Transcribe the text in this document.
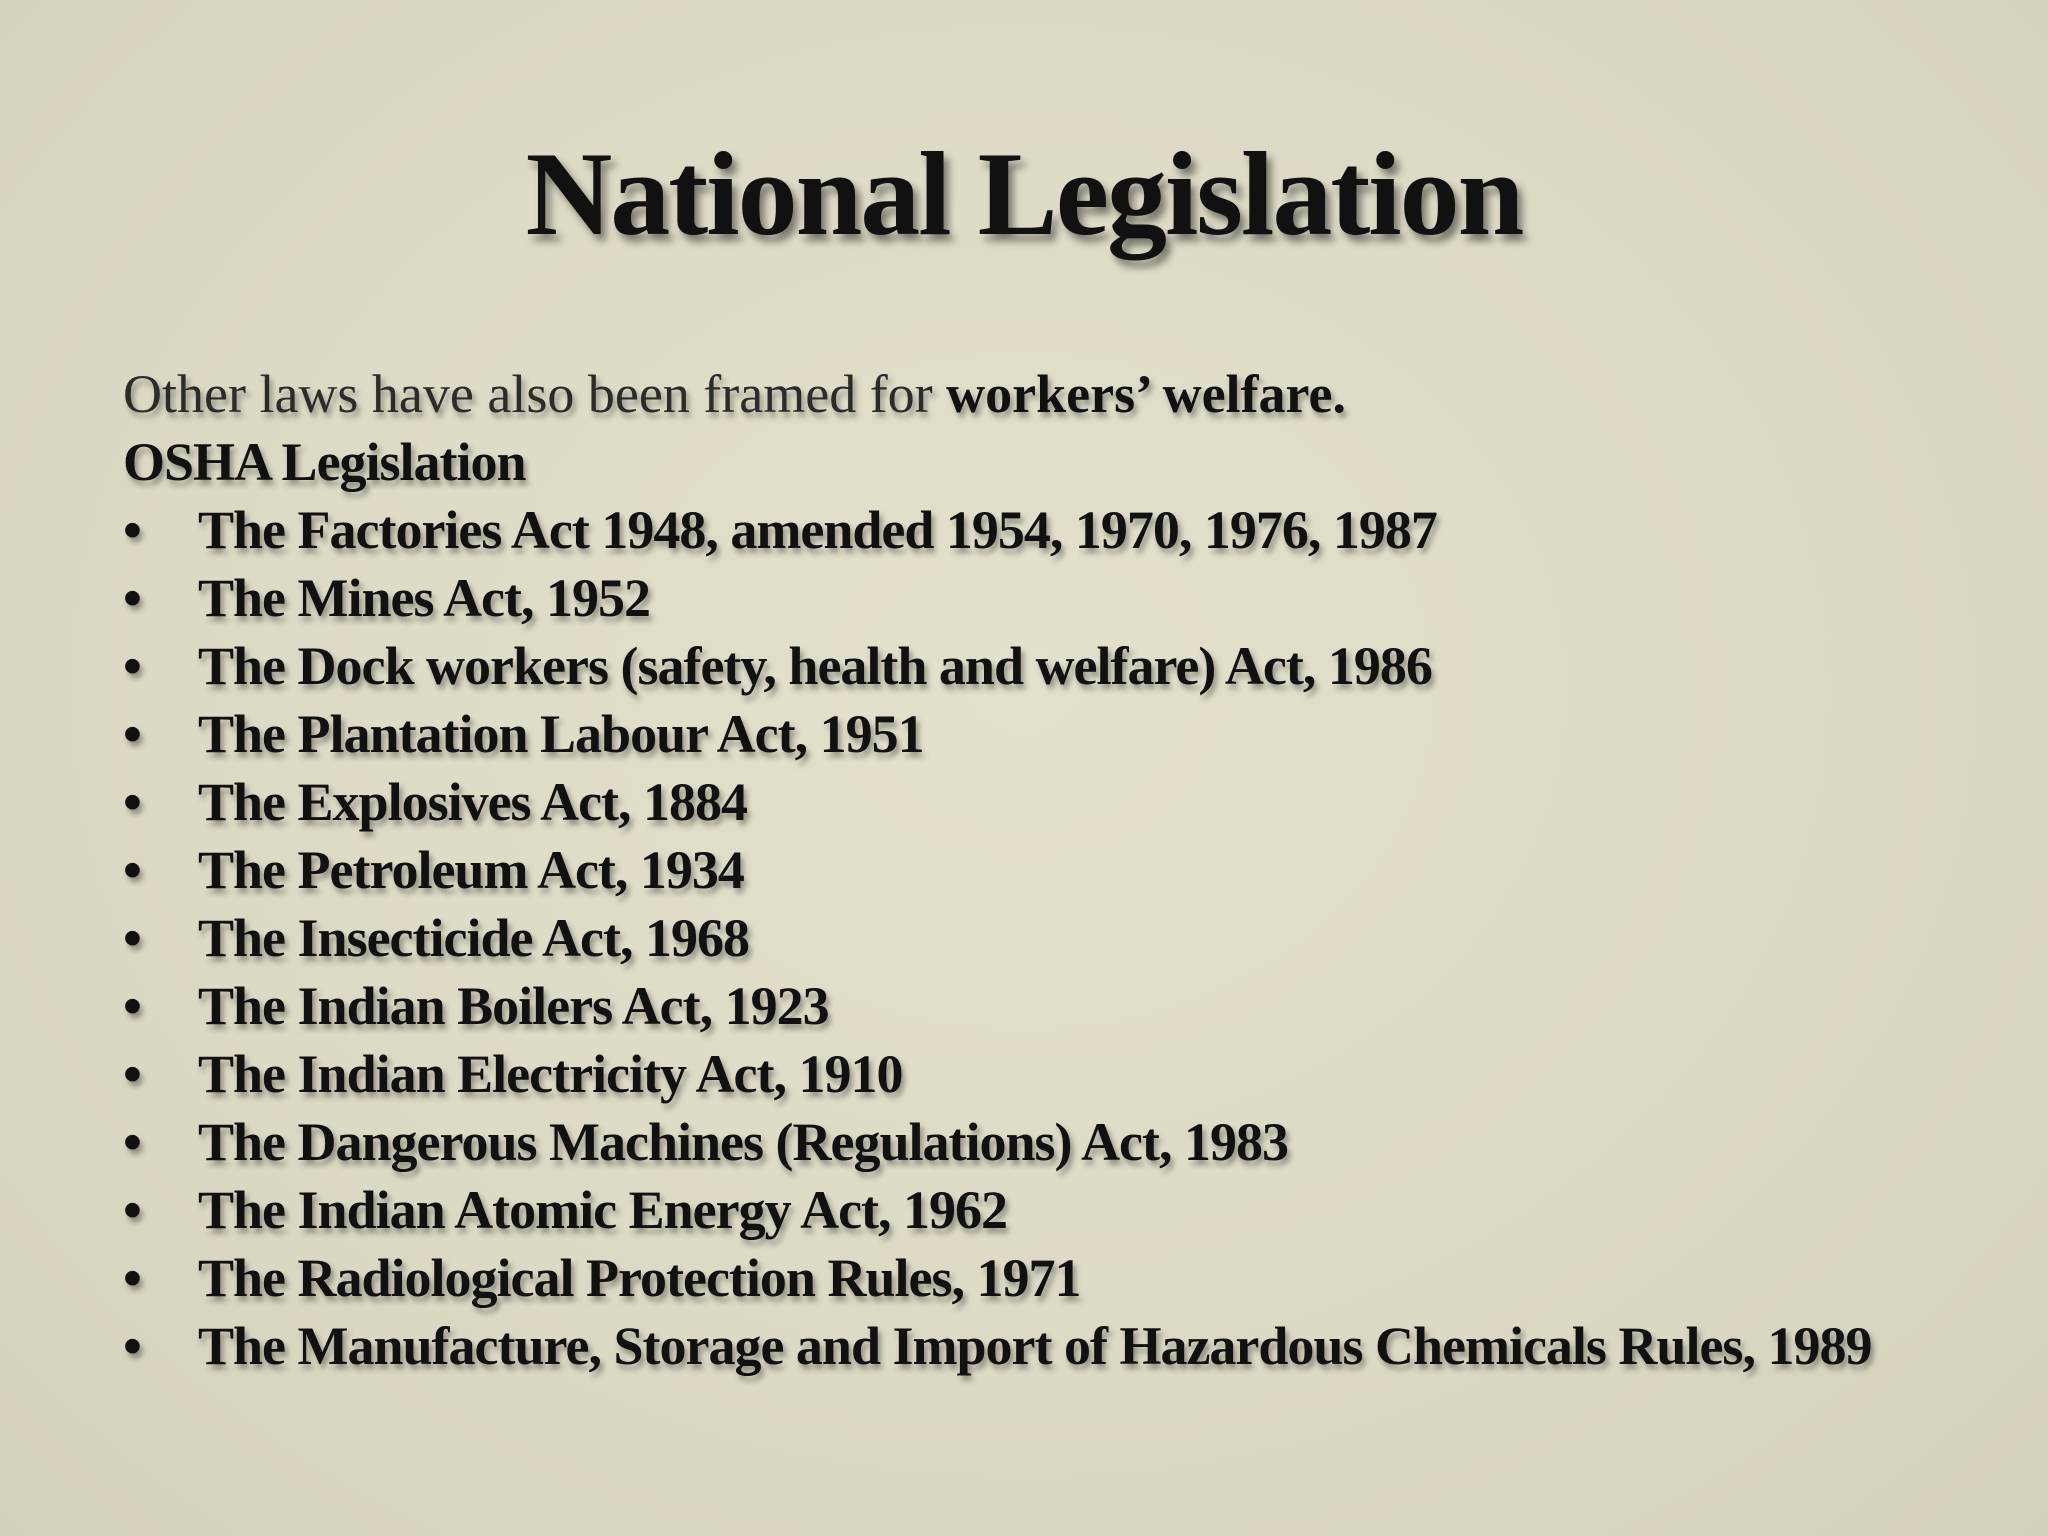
National Legislation

Other laws have also been framed for workers’ welfare.

OSHA Legislation

• The Factories Act 1948, amended 1954, 1970, 1976, 1987
• The Mines Act, 1952
• The Dock workers (safety, health and welfare) Act, 1986
• The Plantation Labour Act, 1951
• The Explosives Act, 1884
• The Petroleum Act, 1934
• The Insecticide Act, 1968
• The Indian Boilers Act, 1923
• The Indian Electricity Act, 1910
• The Dangerous Machines (Regulations) Act, 1983
• The Indian Atomic Energy Act, 1962
• The Radiological Protection Rules, 1971
• The Manufacture, Storage and Import of Hazardous Chemicals Rules, 1989
